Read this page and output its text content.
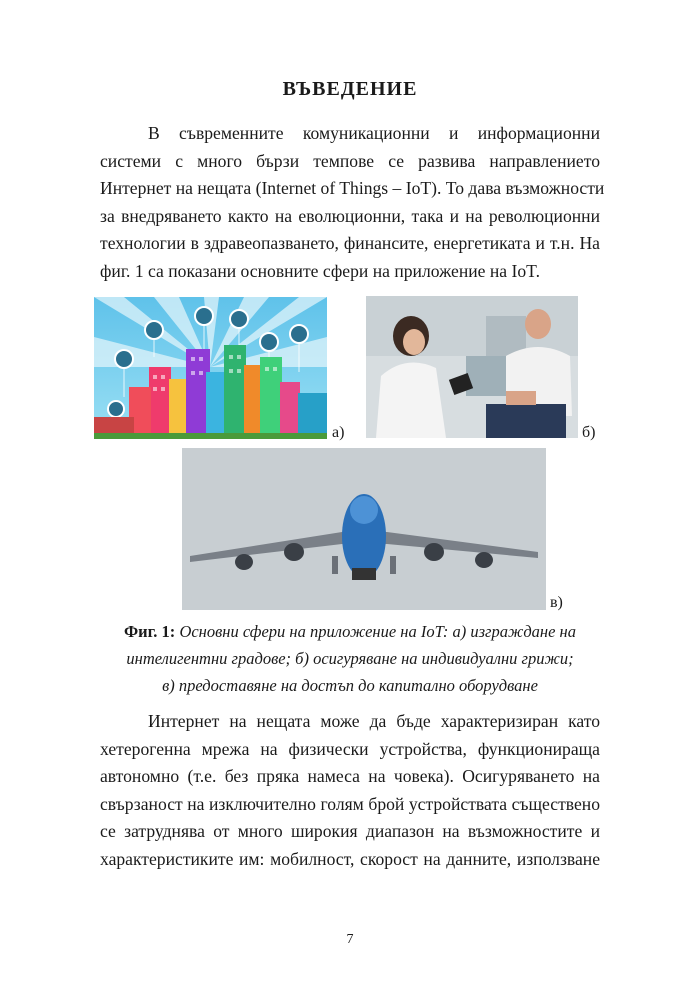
ВЪВЕДЕНИЕ
В съвременните комуникационни и информационни
системи с много бързи темпове се развива направлението
Интернет на нещата (Internet of Things – IoT). То дава възможности
за внедряването както на еволюционни, така и на революционни
технологии в здравеопазването, финансите, енергетиката и т.н. На
фиг. 1 са показани основните сфери на приложение на IoT.
а)	б)
в)
Фиг. 1: Основни сфери на приложение на IoT: а) изграждане на
интелигентни градове; б) осигуряване на индивидуални грижи;
в) предоставяне на достъп до капитално оборудване
Интернет на нещата може да бъде характеризиран като
хетерогенна мрежа на физически устройства, функционираща
автономно (т.е. без пряка намеса на човека). Осигуряването на
свързаност на изключително голям брой устройствата съществено
се затруднява от много широкия диапазон на възможностите и
характеристиките им: мобилност, скорост на данните, използване
7
